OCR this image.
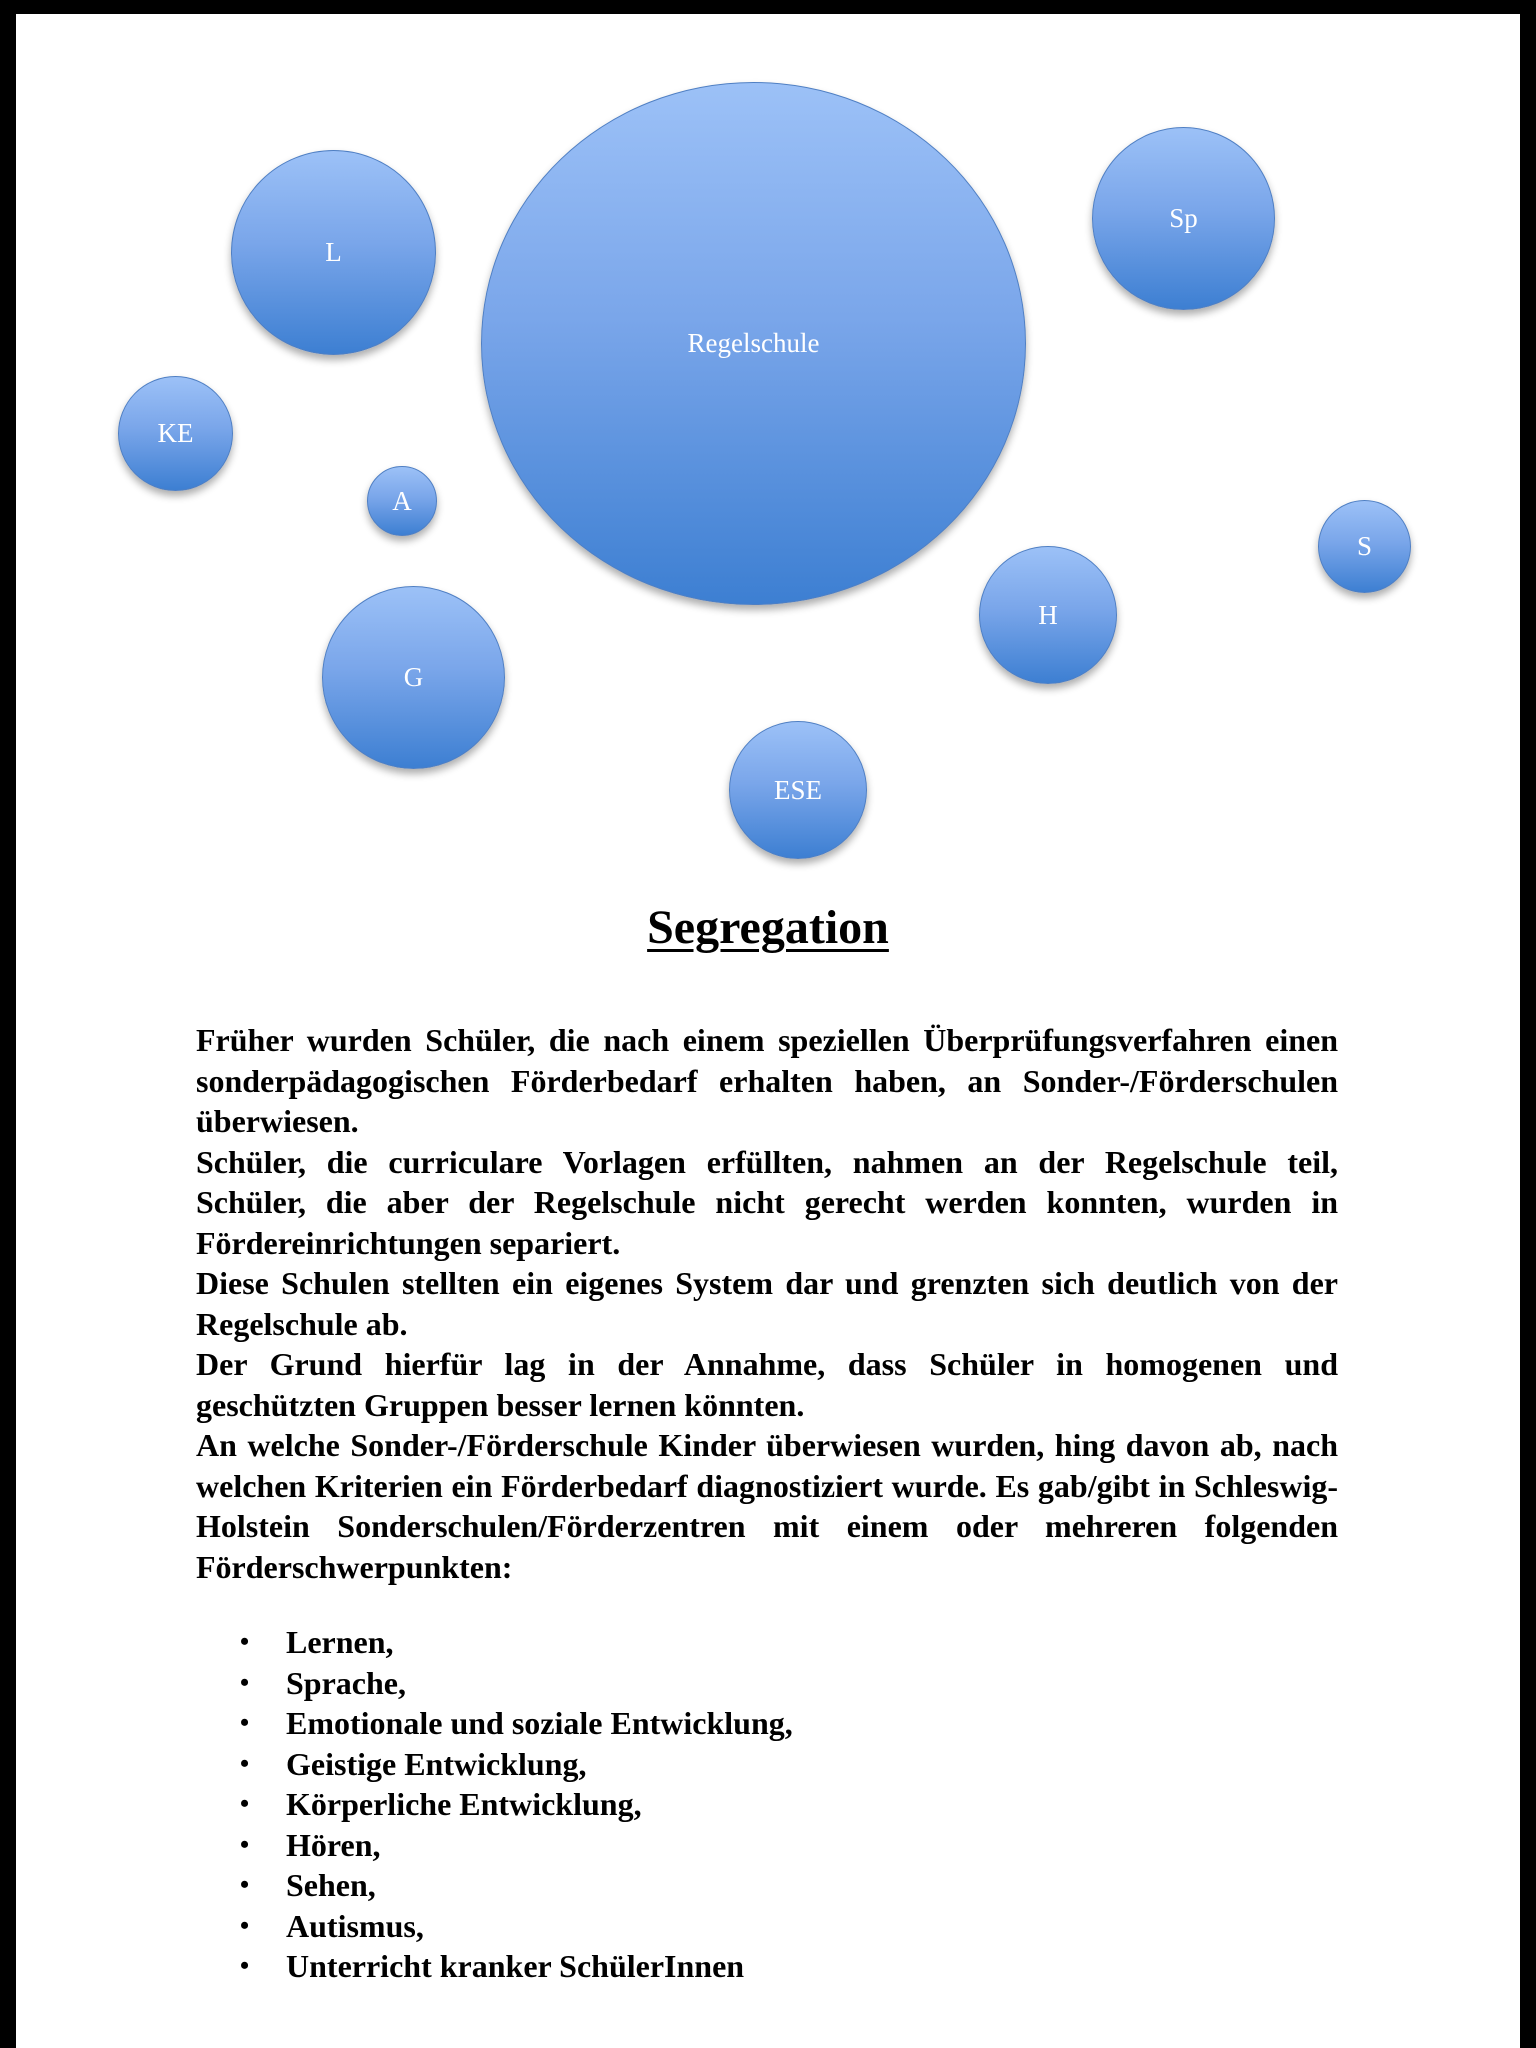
Regelschule
L
Sp
KE
A
S
H
G
ESE
Segregation

Früher wurden Schüler, die nach einem speziellen Überprüfungsverfahren einen sonderpädagogischen Förderbedarf erhalten haben, an Sonder-/Förderschulen überwiesen.

Schüler, die curriculare Vorlagen erfüllten, nahmen an der Regelschule teil, Schüler, die aber der Regelschule nicht gerecht werden konnten, wurden in Fördereinrichtungen separiert.

Diese Schulen stellten ein eigenes System dar und grenzten sich deutlich von der Regelschule ab.

Der Grund hierfür lag in der Annahme, dass Schüler in homogenen und geschützten Gruppen besser lernen könnten.

An welche Sonder-/Förderschule Kinder überwiesen wurden, hing davon ab, nach welchen Kriterien ein Förderbedarf diagnostiziert wurde. Es gab/gibt in Schleswig-Holstein Sonderschulen/Förderzentren mit einem oder mehreren folgenden Förderschwerpunkten:

• Lernen,
• Sprache,
• Emotionale und soziale Entwicklung,
• Geistige Entwicklung,
• Körperliche Entwicklung,
• Hören,
• Sehen,
• Autismus,
• Unterricht kranker SchülerInnen
